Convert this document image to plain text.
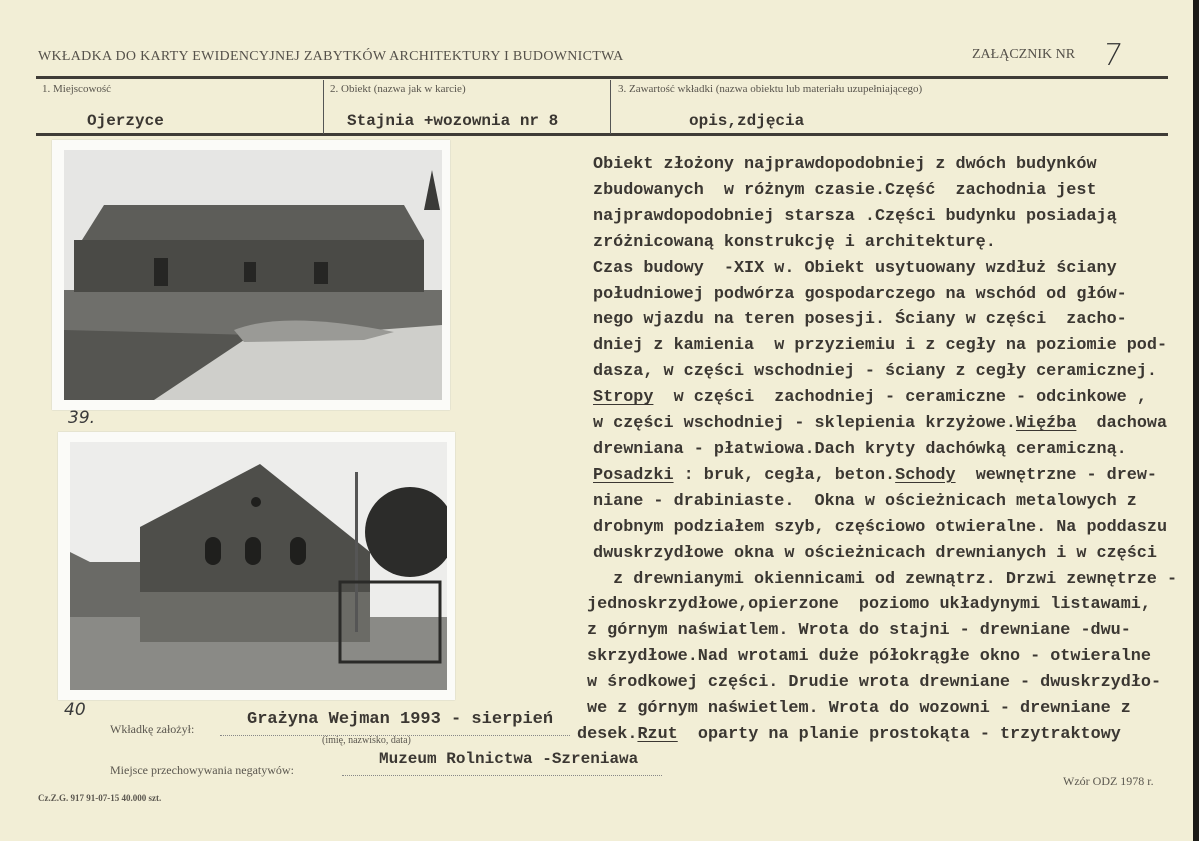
WKŁADKA DO KARTY EWIDENCYJNEJ ZABYTKÓW ARCHITEKTURY I BUDOWNICTWA	ZAŁĄCZNIK NR 7
1. Miejscowość	2. Obiekt (nazwa jak w karcie)	3. Zawartość wkładki (nazwa obiektu lub materiału uzupełniającego)
Ojerzyce	Stajnia +wozownia nr 8	opis,zdjęcia
39.
40
Obiekt złożony najprawdopodobniej z dwóch budynków
zbudowanych  w różnym czasie.Część  zachodnia jest
najprawdopodobniej starsza .Części budynku posiadają
zróżnicowaną konstrukcję i architekturę.
Czas budowy  -XIX w. Obiekt usytuowany wzdłuż ściany
południowej podwórza gospodarczego na wschód od głów-
nego wjazdu na teren posesji. Ściany w części  zacho-
dniej z kamienia  w przyziemiu i z cegły na poziomie pod-
dasza, w części wschodniej - ściany z cegły ceramicznej.
Stropy  w części  zachodniej - ceramiczne - odcinkowe ,
w części wschodniej - sklepienia krzyżowe.Więźba  dachowa
drewniana - płatwiowa.Dach kryty dachówką ceramiczną.
Posadzki : bruk, cegła, beton.Schody  wewnętrzne - drew-
niane - drabiniaste.  Okna w ościeżnicach metalowych z
drobnym podziałem szyb, częściowo otwieralne. Na poddaszu
dwuskrzydłowe okna w ościeżnicach drewnianych i w części
z drewnianymi okiennicami od zewnątrz. Drzwi zewnętrze -
jednoskrzydłowe,opierzone  poziomo układynymi listawami,
z górnym naświatlem. Wrota do stajni - drewniane -dwu-
skrzydłowe.Nad wrotami duże półokrągłe okno - otwieralne
w środkowej części. Drudie wrota drewniane - dwuskrzydło-
we z górnym naświetlem. Wrota do wozowni - drewniane z
desek.Rzut  oparty na planie prostokąta - trzytraktowy
Wkładkę założył:	Grażyna Wejman 1993 - sierpień
(imię, nazwisko, data)
Miejsce przechowywania negatywów:
Muzeum Rolnictwa -Szreniawa
Cz.Z.G. 917 91-07-15 40.000 szt.
Wzór ODZ 1978 r.
